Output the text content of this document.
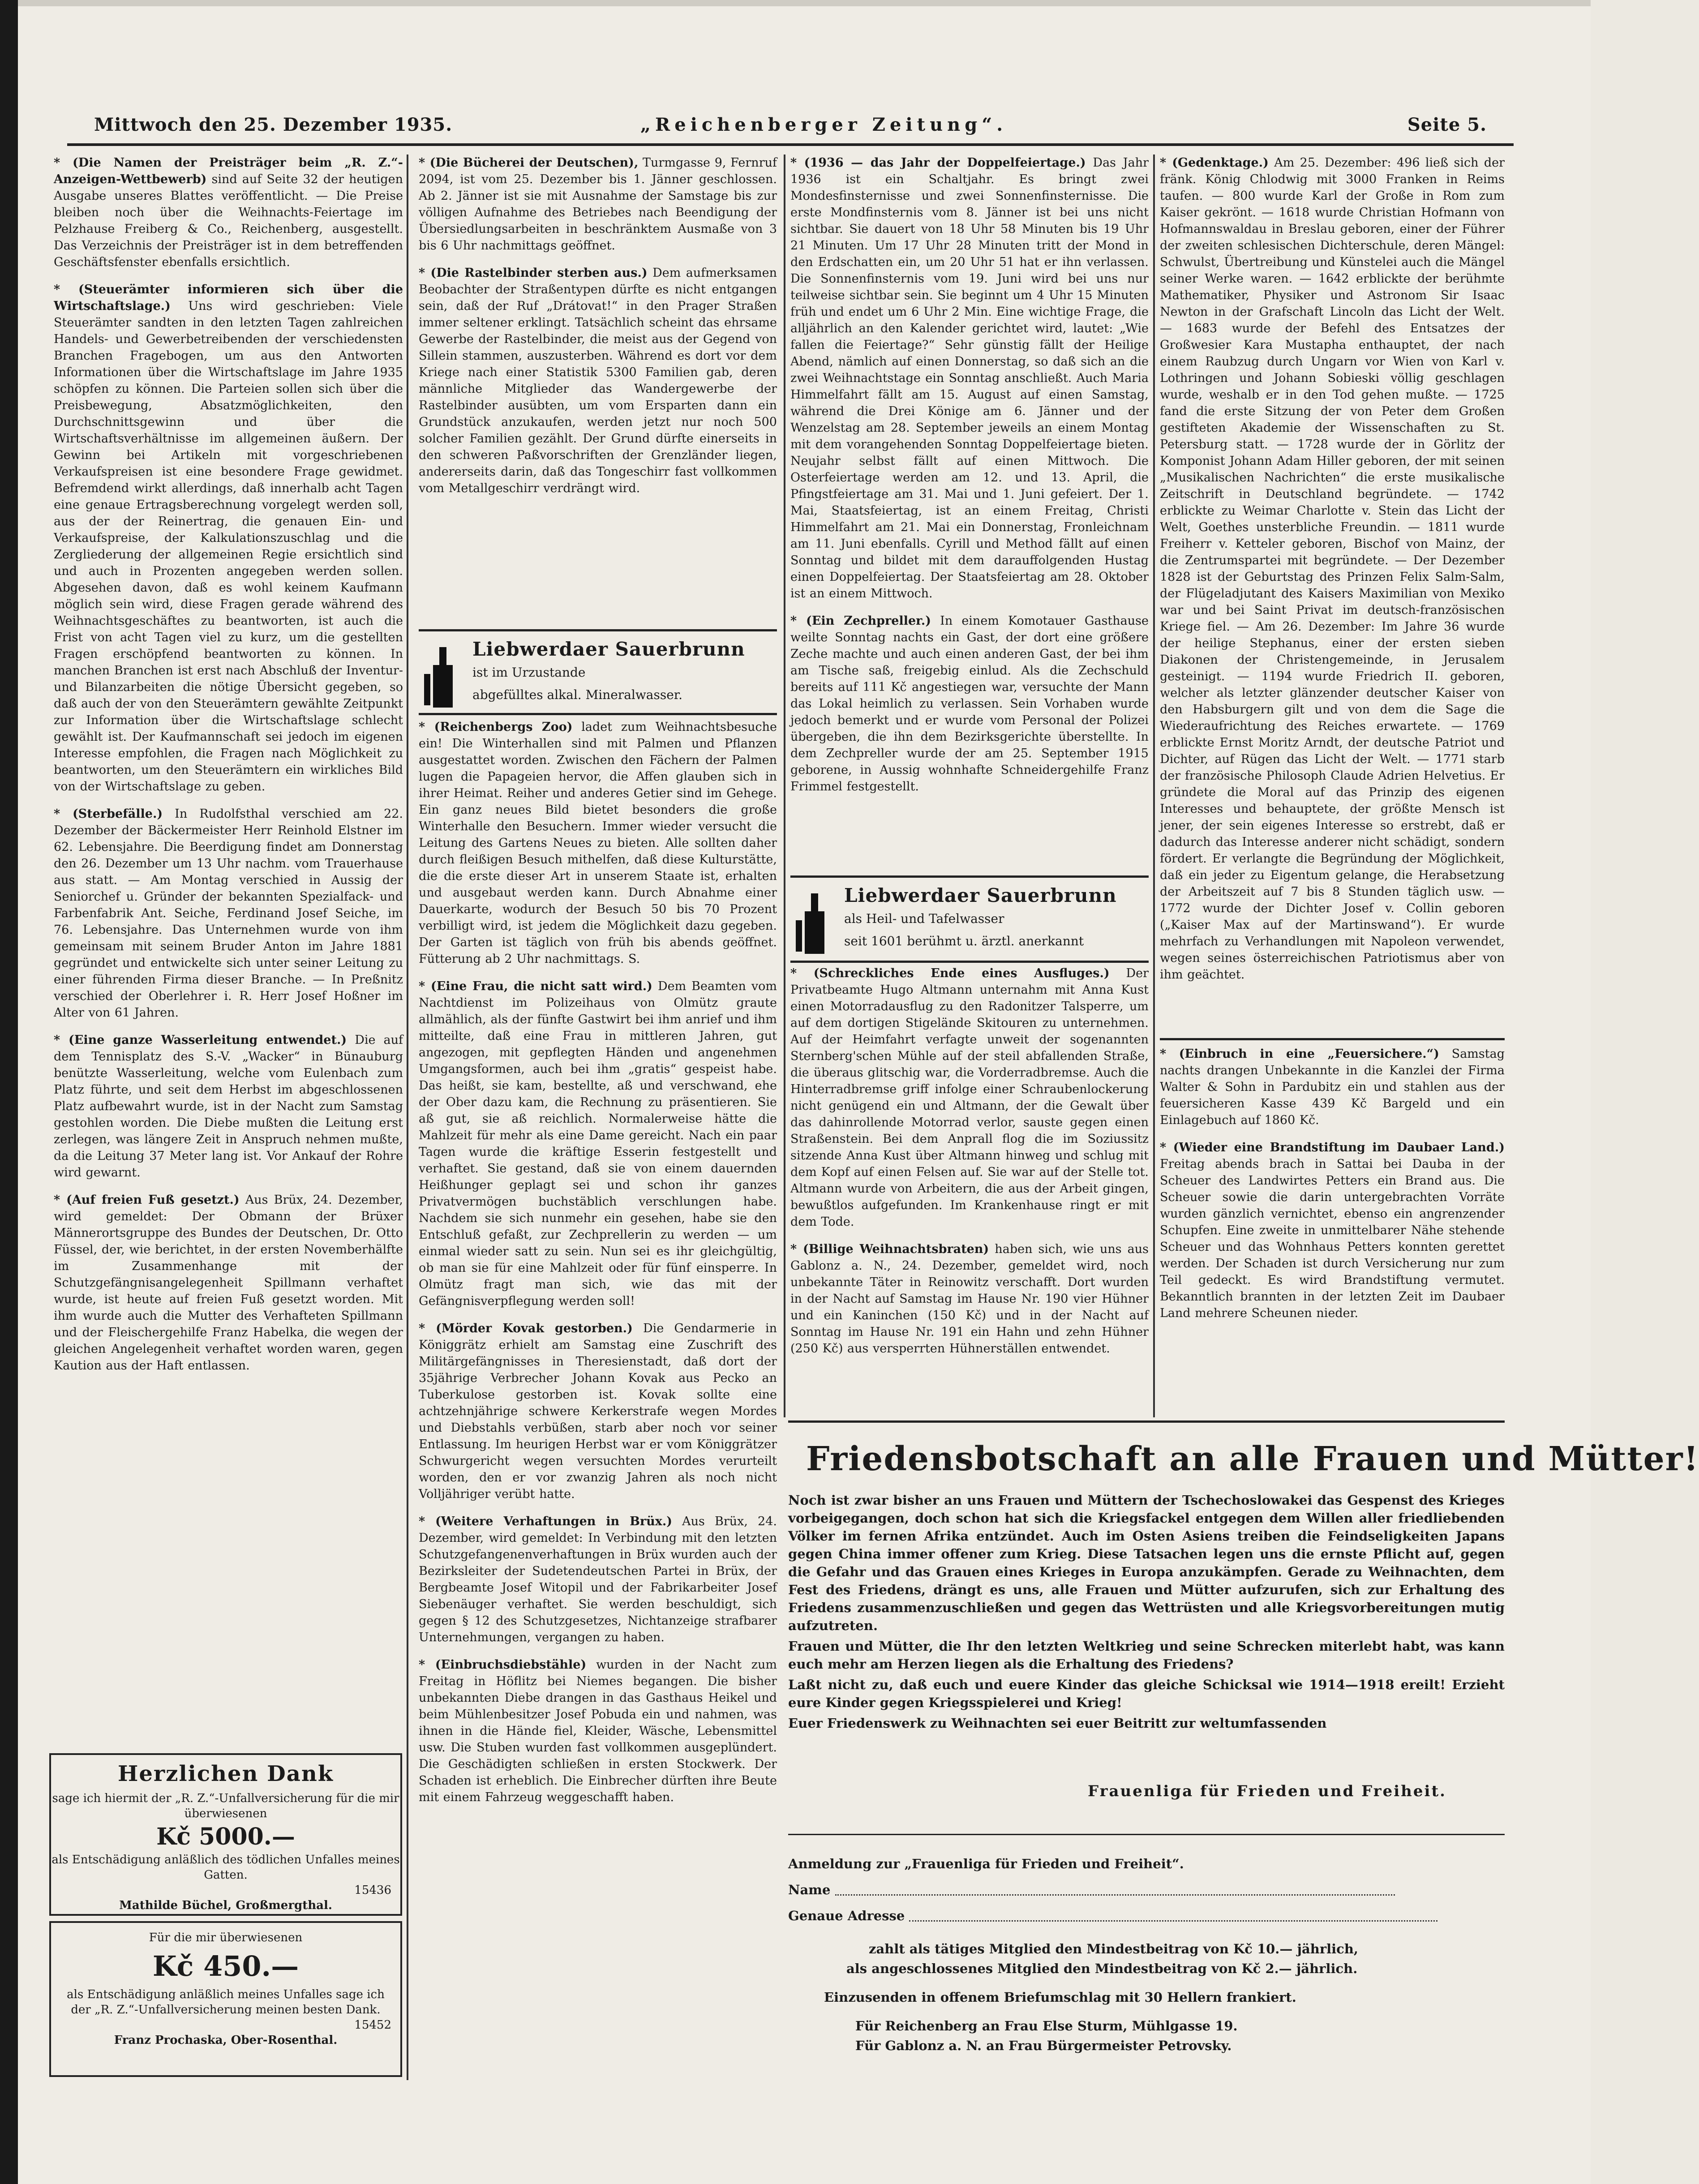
Mittwoch den 25. Dezember 1935.	„Reichenberger Zeitung“.	Seite 5.

* (Die Namen der Preisträger beim „R. Z.“-Anzeigen-Wettbewerb) sind auf Seite 32 der heutigen Ausgabe unseres Blattes veröffentlicht. — Die Preise bleiben noch über die Weihnachts-Feiertage im Pelzhause Freiberg & Co., Reichenberg, ausgestellt. Das Verzeichnis der Preisträger ist in dem betreffenden Geschäftsfenster ebenfalls ersichtlich.

* (Steuerämter informieren sich über die Wirtschaftslage.) Uns wird geschrieben: Viele Steuerämter sandten in den letzten Tagen zahlreichen Handels- und Gewerbetreibenden der verschiedensten Branchen Fragebogen, um aus den Antworten Informationen über die Wirtschaftslage im Jahre 1935 schöpfen zu können. Die Parteien sollen sich über die Preisbewegung, Absatzmöglichkeiten, den Durchschnittsgewinn und über die Wirtschaftsverhältnisse im allgemeinen äußern. Der Gewinn bei Artikeln mit vorgeschriebenen Verkaufspreisen ist eine besondere Frage gewidmet. Befremdend wirkt allerdings, daß innerhalb acht Tagen eine genaue Ertragsberechnung vorgelegt werden soll, aus der der Reinertrag, die genauen Ein- und Verkaufspreise, der Kalkulationszuschlag und die Zergliederung der allgemeinen Regie ersichtlich sind und auch in Prozenten angegeben werden sollen. Abgesehen davon, daß es wohl keinem Kaufmann möglich sein wird, diese Fragen gerade während des Weihnachtsgeschäftes zu beantworten, ist auch die Frist von acht Tagen viel zu kurz, um die gestellten Fragen erschöpfend beantworten zu können. In manchen Branchen ist erst nach Abschluß der Inventur- und Bilanzarbeiten die nötige Übersicht gegeben, so daß auch der von den Steuerämtern gewählte Zeitpunkt zur Information über die Wirtschaftslage schlecht gewählt ist. Der Kaufmannschaft sei jedoch im eigenen Interesse empfohlen, die Fragen nach Möglichkeit zu beantworten, um den Steuerämtern ein wirkliches Bild von der Wirtschaftslage zu geben.

* (Sterbefälle.) In Rudolfsthal verschied am 22. Dezember der Bäckermeister Herr Reinhold Elstner im 62. Lebensjahre. Die Beerdigung findet am Donnerstag den 26. Dezember um 13 Uhr nachm. vom Trauerhause aus statt. — Am Montag verschied in Aussig der Seniorchef u. Gründer der bekannten Spezialfack- und Farbenfabrik Ant. Seiche, Ferdinand Josef Seiche, im 76. Lebensjahre. Das Unternehmen wurde von ihm gemeinsam mit seinem Bruder Anton im Jahre 1881 gegründet und entwickelte sich unter seiner Leitung zu einer führenden Firma dieser Branche. — In Preßnitz verschied der Oberlehrer i. R. Herr Josef Hoßner im Alter von 61 Jahren.

* (Eine ganze Wasserleitung entwendet.) Die auf dem Tennisplatz des S.-V. „Wacker“ in Bünauburg benützte Wasserleitung, welche vom Eulenbach zum Platz führte, und seit dem Herbst im abgeschlossenen Platz aufbewahrt wurde, ist in der Nacht zum Samstag gestohlen worden. Die Diebe mußten die Leitung erst zerlegen, was längere Zeit in Anspruch nehmen mußte, da die Leitung 37 Meter lang ist. Vor Ankauf der Rohre wird gewarnt.

* (Auf freien Fuß gesetzt.) Aus Brüx, 24. Dezember, wird gemeldet: Der Obmann der Brüxer Männerortsgruppe des Bundes der Deutschen, Dr. Otto Füssel, der, wie berichtet, in der ersten Novemberhälfte im Zusammenhange mit der Schutzgefängnisangelegenheit Spillmann verhaftet wurde, ist heute auf freien Fuß gesetzt worden. Mit ihm wurde auch die Mutter des Verhafteten Spillmann und der Fleischergehilfe Franz Habelka, die wegen der gleichen Angelegenheit verhaftet worden waren, gegen Kaution aus der Haft entlassen.

Herzlichen Dank
sage ich hiermit der „R. Z.“-Unfallversicherung für die mir überwiesenen
Kč 5000.—
als Entschädigung anläßlich des tödlichen Unfalles meines Gatten.
15436
Mathilde Büchel, Großmergthal.
Für die mir überwiesenen
Kč 450.—
als Entschädigung anläßlich meines Unfalles sage ich der „R. Z.“-Unfallversicherung meinen besten Dank.
15452
Franz Prochaska, Ober-Rosenthal.

* (Die Bücherei der Deutschen), Turmgasse 9, Fernruf 2094, ist vom 25. Dezember bis 1. Jänner geschlossen. Ab 2. Jänner ist sie mit Ausnahme der Samstage bis zur völligen Aufnahme des Betriebes nach Beendigung der Übersiedlungsarbeiten in beschränktem Ausmaße von 3 bis 6 Uhr nachmittags geöffnet.

* (Die Rastelbinder sterben aus.) Dem aufmerksamen Beobachter der Straßentypen dürfte es nicht entgangen sein, daß der Ruf „Drátovat!“ in den Prager Straßen immer seltener erklingt. Tatsächlich scheint das ehrsame Gewerbe der Rastelbinder, die meist aus der Gegend von Sillein stammen, auszusterben. Während es dort vor dem Kriege nach einer Statistik 5300 Familien gab, deren männliche Mitglieder das Wandergewerbe der Rastelbinder ausübten, um vom Ersparten dann ein Grundstück anzukaufen, werden jetzt nur noch 500 solcher Familien gezählt. Der Grund dürfte einerseits in den schweren Paßvorschriften der Grenzländer liegen, andererseits darin, daß das Tongeschirr fast vollkommen vom Metallgeschirr verdrängt wird.

Liebwerdaer Sauerbrunn
ist im Urzustande
abgefülltes alkal. Mineralwasser.

* (Reichenbergs Zoo) ladet zum Weihnachtsbesuche ein! Die Winterhallen sind mit Palmen und Pflanzen ausgestattet worden. Zwischen den Fächern der Palmen lugen die Papageien hervor, die Affen glauben sich in ihrer Heimat. Reiher und anderes Getier sind im Gehege. Ein ganz neues Bild bietet besonders die große Winterhalle den Besuchern. Immer wieder versucht die Leitung des Gartens Neues zu bieten. Alle sollten daher durch fleißigen Besuch mithelfen, daß diese Kulturstätte, die die erste dieser Art in unserem Staate ist, erhalten und ausgebaut werden kann. Durch Abnahme einer Dauerkarte, wodurch der Besuch 50 bis 70 Prozent verbilligt wird, ist jedem die Möglichkeit dazu gegeben. Der Garten ist täglich von früh bis abends geöffnet. Fütterung ab 2 Uhr nachmittags. S.

* (Eine Frau, die nicht satt wird.) Dem Beamten vom Nachtdienst im Polizeihaus von Olmütz graute allmählich, als der fünfte Gastwirt bei ihm anrief und ihm mitteilte, daß eine Frau in mittleren Jahren, gut angezogen, mit gepflegten Händen und angenehmen Umgangsformen, auch bei ihm „gratis“ gespeist habe. Das heißt, sie kam, bestellte, aß und verschwand, ehe der Ober dazu kam, die Rechnung zu präsentieren. Sie aß gut, sie aß reichlich. Normalerweise hätte die Mahlzeit für mehr als eine Dame gereicht. Nach ein paar Tagen wurde die kräftige Esserin festgestellt und verhaftet. Sie gestand, daß sie von einem dauernden Heißhunger geplagt sei und schon ihr ganzes Privatvermögen buchstäblich verschlungen habe. Nachdem sie sich nunmehr ein gesehen, habe sie den Entschluß gefaßt, zur Zechprellerin zu werden — um einmal wieder satt zu sein. Nun sei es ihr gleichgültig, ob man sie für eine Mahlzeit oder für fünf einsperre. In Olmütz fragt man sich, wie das mit der Gefängnisverpflegung werden soll!

* (Mörder Kovak gestorben.) Die Gendarmerie in Königgrätz erhielt am Samstag eine Zuschrift des Militärgefängnisses in Theresienstadt, daß dort der 35jährige Verbrecher Johann Kovak aus Pecko an Tuberkulose gestorben ist. Kovak sollte eine achtzehnjährige schwere Kerkerstrafe wegen Mordes und Diebstahls verbüßen, starb aber noch vor seiner Entlassung. Im heurigen Herbst war er vom Königgrätzer Schwurgericht wegen versuchten Mordes verurteilt worden, den er vor zwanzig Jahren als noch nicht Volljähriger verübt hatte.

* (Weitere Verhaftungen in Brüx.) Aus Brüx, 24. Dezember, wird gemeldet: In Verbindung mit den letzten Schutzgefangenenverhaftungen in Brüx wurden auch der Bezirksleiter der Sudetendeutschen Partei in Brüx, der Bergbeamte Josef Witopil und der Fabrikarbeiter Josef Siebenäuger verhaftet. Sie werden beschuldigt, sich gegen § 12 des Schutzgesetzes, Nichtanzeige strafbarer Unternehmungen, vergangen zu haben.

* (Einbruchsdiebstähle) wurden in der Nacht zum Freitag in Höflitz bei Niemes begangen. Die bisher unbekannten Diebe drangen in das Gasthaus Heikel und beim Mühlenbesitzer Josef Pobuda ein und nahmen, was ihnen in die Hände fiel, Kleider, Wäsche, Lebensmittel usw. Die Stuben wurden fast vollkommen ausgeplündert. Die Geschädigten schließen in ersten Stockwerk. Der Schaden ist erheblich. Die Einbrecher dürften ihre Beute mit einem Fahrzeug weggeschafft haben.

* (1936 — das Jahr der Doppelfeiertage.) Das Jahr 1936 ist ein Schaltjahr. Es bringt zwei Mondesfinsternisse und zwei Sonnenfinsternisse. Die erste Mondfinsternis vom 8. Jänner ist bei uns nicht sichtbar. Sie dauert von 18 Uhr 58 Minuten bis 19 Uhr 21 Minuten. Um 17 Uhr 28 Minuten tritt der Mond in den Erdschatten ein, um 20 Uhr 51 hat er ihn verlassen. Die Sonnenfinsternis vom 19. Juni wird bei uns nur teilweise sichtbar sein. Sie beginnt um 4 Uhr 15 Minuten früh und endet um 6 Uhr 2 Min. Eine wichtige Frage, die alljährlich an den Kalender gerichtet wird, lautet: „Wie fallen die Feiertage?“ Sehr günstig fällt der Heilige Abend, nämlich auf einen Donnerstag, so daß sich an die zwei Weihnachtstage ein Sonntag anschließt. Auch Maria Himmelfahrt fällt am 15. August auf einen Samstag, während die Drei Könige am 6. Jänner und der Wenzelstag am 28. September jeweils an einem Montag mit dem vorangehenden Sonntag Doppelfeiertage bieten. Neujahr selbst fällt auf einen Mittwoch. Die Osterfeiertage werden am 12. und 13. April, die Pfingstfeiertage am 31. Mai und 1. Juni gefeiert. Der 1. Mai, Staatsfeiertag, ist an einem Freitag, Christi Himmelfahrt am 21. Mai ein Donnerstag, Fronleichnam am 11. Juni ebenfalls. Cyrill und Method fällt auf einen Sonntag und bildet mit dem darauffolgenden Hustag einen Doppelfeiertag. Der Staatsfeiertag am 28. Oktober ist an einem Mittwoch.

* (Ein Zechpreller.) In einem Komotauer Gasthause weilte Sonntag nachts ein Gast, der dort eine größere Zeche machte und auch einen anderen Gast, der bei ihm am Tische saß, freigebig einlud. Als die Zechschuld bereits auf 111 Kč angestiegen war, versuchte der Mann das Lokal heimlich zu verlassen. Sein Vorhaben wurde jedoch bemerkt und er wurde vom Personal der Polizei übergeben, die ihn dem Bezirksgerichte überstellte. In dem Zechpreller wurde der am 25. September 1915 geborene, in Aussig wohnhafte Schneidergehilfe Franz Frimmel festgestellt.

Liebwerdaer Sauerbrunn
als Heil- und Tafelwasser
seit 1601 berühmt u. ärztl. anerkannt

* (Schreckliches Ende eines Ausfluges.) Der Privatbeamte Hugo Altmann unternahm mit Anna Kust einen Motorradausflug zu den Radonitzer Talsperre, um auf dem dortigen Stigelände Skitouren zu unternehmen. Auf der Heimfahrt verfagte unweit der sogenannten Sternberg'schen Mühle auf der steil abfallenden Straße, die überaus glitschig war, die Vorderradbremse. Auch die Hinterradbremse griff infolge einer Schraubenlockerung nicht genügend ein und Altmann, der die Gewalt über das dahinrollende Motorrad verlor, sauste gegen einen Straßenstein. Bei dem Anprall flog die im Soziussitz sitzende Anna Kust über Altmann hinweg und schlug mit dem Kopf auf einen Felsen auf. Sie war auf der Stelle tot. Altmann wurde von Arbeitern, die aus der Arbeit gingen, bewußtlos aufgefunden. Im Krankenhause ringt er mit dem Tode.

* (Billige Weihnachtsbraten) haben sich, wie uns aus Gablonz a. N., 24. Dezember, gemeldet wird, noch unbekannte Täter in Reinowitz verschafft. Dort wurden in der Nacht auf Samstag im Hause Nr. 190 vier Hühner und ein Kaninchen (150 Kč) und in der Nacht auf Sonntag im Hause Nr. 191 ein Hahn und zehn Hühner (250 Kč) aus versperrten Hühnerställen entwendet.

* (Gedenktage.) Am 25. Dezember: 496 ließ sich der fränk. König Chlodwig mit 3000 Franken in Reims taufen. — 800 wurde Karl der Große in Rom zum Kaiser gekrönt. — 1618 wurde Christian Hofmann von Hofmannswaldau in Breslau geboren, einer der Führer der zweiten schlesischen Dichterschule, deren Mängel: Schwulst, Übertreibung und Künstelei auch die Mängel seiner Werke waren. — 1642 erblickte der berühmte Mathematiker, Physiker und Astronom Sir Isaac Newton in der Grafschaft Lincoln das Licht der Welt. — 1683 wurde der Befehl des Entsatzes der Großwesier Kara Mustapha enthauptet, der nach einem Raubzug durch Ungarn vor Wien von Karl v. Lothringen und Johann Sobieski völlig geschlagen wurde, weshalb er in den Tod gehen mußte. — 1725 fand die erste Sitzung der von Peter dem Großen gestifteten Akademie der Wissenschaften zu St. Petersburg statt. — 1728 wurde der in Görlitz der Komponist Johann Adam Hiller geboren, der mit seinen „Musikalischen Nachrichten“ die erste musikalische Zeitschrift in Deutschland begründete. — 1742 erblickte zu Weimar Charlotte v. Stein das Licht der Welt, Goethes unsterbliche Freundin. — 1811 wurde Freiherr v. Ketteler geboren, Bischof von Mainz, der die Zentrumspartei mit begründete. — Der Dezember 1828 ist der Geburtstag des Prinzen Felix Salm-Salm, der Flügeladjutant des Kaisers Maximilian von Mexiko war und bei Saint Privat im deutsch-französischen Kriege fiel. — Am 26. Dezember: Im Jahre 36 wurde der heilige Stephanus, einer der ersten sieben Diakonen der Christengemeinde, in Jerusalem gesteinigt. — 1194 wurde Friedrich II. geboren, welcher als letzter glänzender deutscher Kaiser von den Habsburgern gilt und von dem die Sage die Wiederaufrichtung des Reiches erwartete. — 1769 erblickte Ernst Moritz Arndt, der deutsche Patriot und Dichter, auf Rügen das Licht der Welt. — 1771 starb der französische Philosoph Claude Adrien Helvetius. Er gründete die Moral auf das Prinzip des eigenen Interesses und behauptete, der größte Mensch ist jener, der sein eigenes Interesse so erstrebt, daß er dadurch das Interesse anderer nicht schädigt, sondern fördert. Er verlangte die Begründung der Möglichkeit, daß ein jeder zu Eigentum gelange, die Herabsetzung der Arbeitszeit auf 7 bis 8 Stunden täglich usw. — 1772 wurde der Dichter Josef v. Collin geboren („Kaiser Max auf der Martinswand“). Er wurde mehrfach zu Verhandlungen mit Napoleon verwendet, wegen seines österreichischen Patriotismus aber von ihm geächtet.

* (Einbruch in eine „Feuersichere.“) Samstag nachts drangen Unbekannte in die Kanzlei der Firma Walter & Sohn in Pardubitz ein und stahlen aus der feuersicheren Kasse 439 Kč Bargeld und ein Einlagebuch auf 1860 Kč.

* (Wieder eine Brandstiftung im Daubaer Land.) Freitag abends brach in Sattai bei Dauba in der Scheuer des Landwirtes Petters ein Brand aus. Die Scheuer sowie die darin untergebrachten Vorräte wurden gänzlich vernichtet, ebenso ein angrenzender Schupfen. Eine zweite in unmittelbarer Nähe stehende Scheuer und das Wohnhaus Petters konnten gerettet werden. Der Schaden ist durch Versicherung nur zum Teil gedeckt. Es wird Brandstiftung vermutet. Bekanntlich brannten in der letzten Zeit im Daubaer Land mehrere Scheunen nieder.

Friedensbotschaft an alle Frauen und Mütter!
Noch ist zwar bisher an uns Frauen und Müttern der Tschechoslowakei das Gespenst des Krieges vorbeigegangen, doch schon hat sich die Kriegsfackel entgegen dem Willen aller friedliebenden Völker im fernen Afrika entzündet. Auch im Osten Asiens treiben die Feindseligkeiten Japans gegen China immer offener zum Krieg. Diese Tatsachen legen uns die ernste Pflicht auf, gegen die Gefahr und das Grauen eines Krieges in Europa anzukämpfen. Gerade zu Weihnachten, dem Fest des Friedens, drängt es uns, alle Frauen und Mütter aufzurufen, sich zur Erhaltung des Friedens zusammenzuschließen und gegen das Wettrüsten und alle Kriegsvorbereitungen mutig aufzutreten.
Frauen und Mütter, die Ihr den letzten Weltkrieg und seine Schrecken miterlebt habt, was kann euch mehr am Herzen liegen als die Erhaltung des Friedens?
Laßt nicht zu, daß euch und euere Kinder das gleiche Schicksal wie 1914—1918 ereilt! Erzieht eure Kinder gegen Kriegsspielerei und Krieg!
Euer Friedenswerk zu Weihnachten sei euer Beitritt zur weltumfassenden
Frauenliga für Frieden und Freiheit.
Anmeldung zur „Frauenliga für Frieden und Freiheit“.
Name
Genaue Adresse
zahlt als tätiges Mitglied den Mindestbeitrag von Kč 10.— jährlich,
als angeschlossenes Mitglied den Mindestbeitrag von Kč 2.— jährlich.
Einzusenden in offenem Briefumschlag mit 30 Hellern frankiert.
Für Reichenberg an Frau Else Sturm, Mühlgasse 19.
Für Gablonz a. N. an Frau Bürgermeister Petrovsky.
